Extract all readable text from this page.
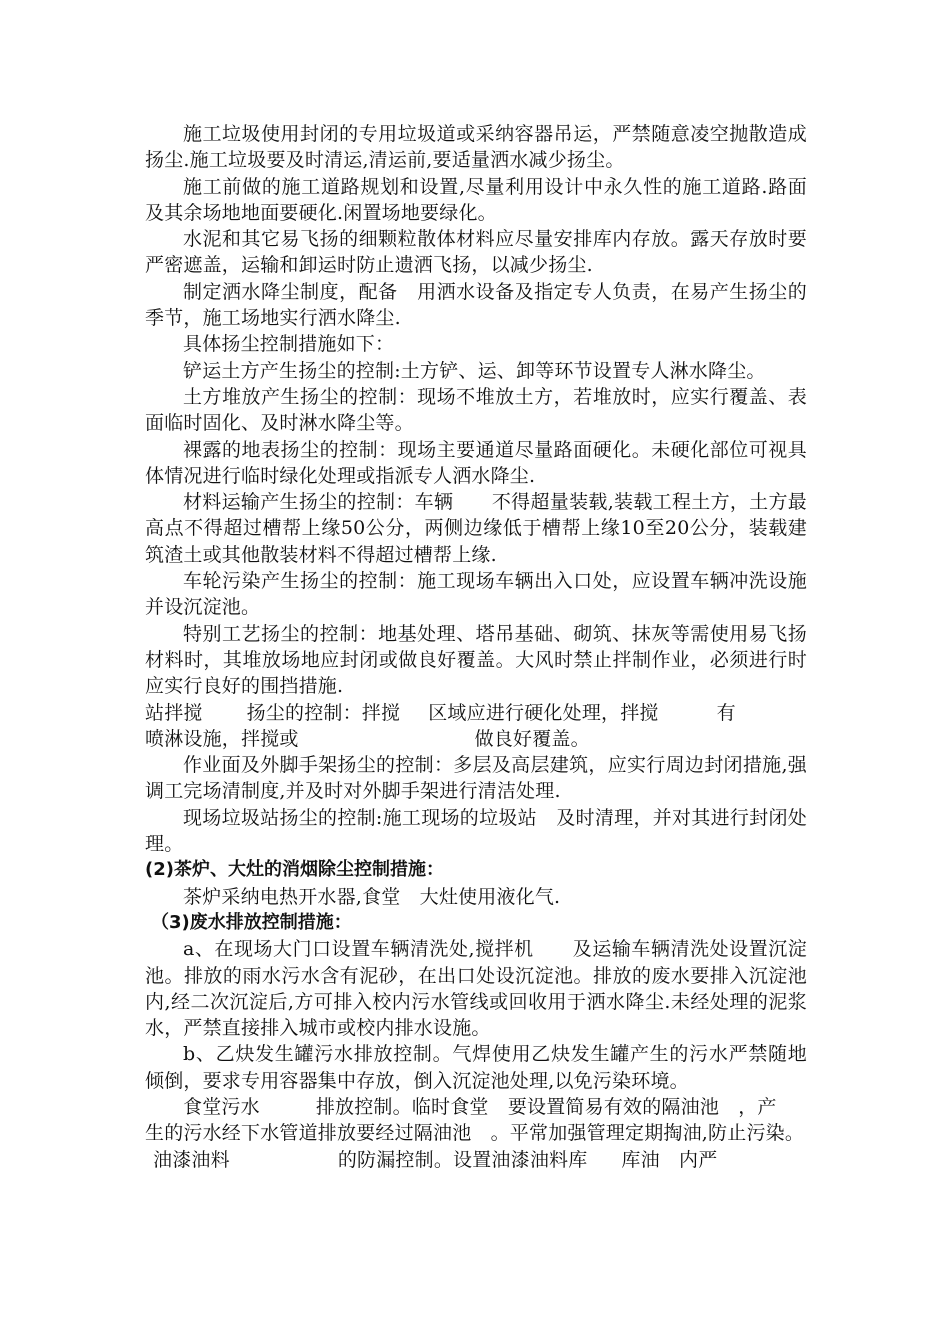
施工垃圾使用封闭的专用垃圾道或采纳容器吊运，严禁随意凌空抛散造成扬尘.施工垃圾要及时清运,清运前,要适量洒水减少扬尘。

施工前做的施工道路规划和设置,尽量利用设计中永久性的施工道路.路面及其余场地地面要硬化.闲置场地要绿化。

水泥和其它易飞扬的细颗粒散体材料应尽量安排库内存放。露天存放时要严密遮盖，运输和卸运时防止遗洒飞扬，以减少扬尘.

制定洒水降尘制度，配备　用洒水设备及指定专人负责，在易产生扬尘的季节，施工场地实行洒水降尘.

具体扬尘控制措施如下：

铲运土方产生扬尘的控制:土方铲、运、卸等环节设置专人淋水降尘。

土方堆放产生扬尘的控制：现场不堆放土方，若堆放时，应实行覆盖、表面临时固化、及时淋水降尘等。

裸露的地表扬尘的控制：现场主要通道尽量路面硬化。未硬化部位可视具体情况进行临时绿化处理或指派专人洒水降尘.

材料运输产生扬尘的控制：车辆　　不得超量装载,装载工程土方，土方最高点不得超过槽帮上缘50公分，两侧边缘低于槽帮上缘10至20公分，装载建筑渣土或其他散装材料不得超过槽帮上缘.

车轮污染产生扬尘的控制：施工现场车辆出入口处，应设置车辆冲洗设施并设沉淀池。

特别工艺扬尘的控制：地基处理、塔吊基础、砌筑、抹灰等需使用易飞扬材料时，其堆放场地应封闭或做良好覆盖。大风时禁止拌制作业，必须进行时应实行良好的围挡措施.

站拌搅 扬尘的控制：拌搅 区域应进行硬化处理，拌搅	有
喷淋设施，拌搅或	做良好覆盖。

作业面及外脚手架扬尘的控制：多层及高层建筑，应实行周边封闭措施,强调工完场清制度,并及时对外脚手架进行清洁处理.

现场垃圾站扬尘的控制:施工现场的垃圾站　及时清理，并对其进行封闭处理。

(2)茶炉、大灶的消烟除尘控制措施：

茶炉采纳电热开水器,食堂　大灶使用液化气.

（3)废水排放控制措施：

a、在现场大门口设置车辆清洗处,搅拌机　　及运输车辆清洗处设置沉淀池。排放的雨水污水含有泥砂，在出口处设沉淀池。排放的废水要排入沉淀池内,经二次沉淀后,方可排入校内污水管线或回收用于洒水降尘.未经处理的泥浆水，严禁直接排入城市或校内排水设施。

b、乙炔发生罐污水排放控制。气焊使用乙炔发生罐产生的污水严禁随地倾倒，要求专用容器集中存放，倒入沉淀池处理,以免污染环境。

食堂污水	排放控制。临时食堂　要设置简易有效的隔油池　，产
生的污水经下水管道排放要经过隔油池　。平常加强管理定期掏油,防止污染。
油漆油料	的防漏控制。设置油漆油料库 库油　内严
